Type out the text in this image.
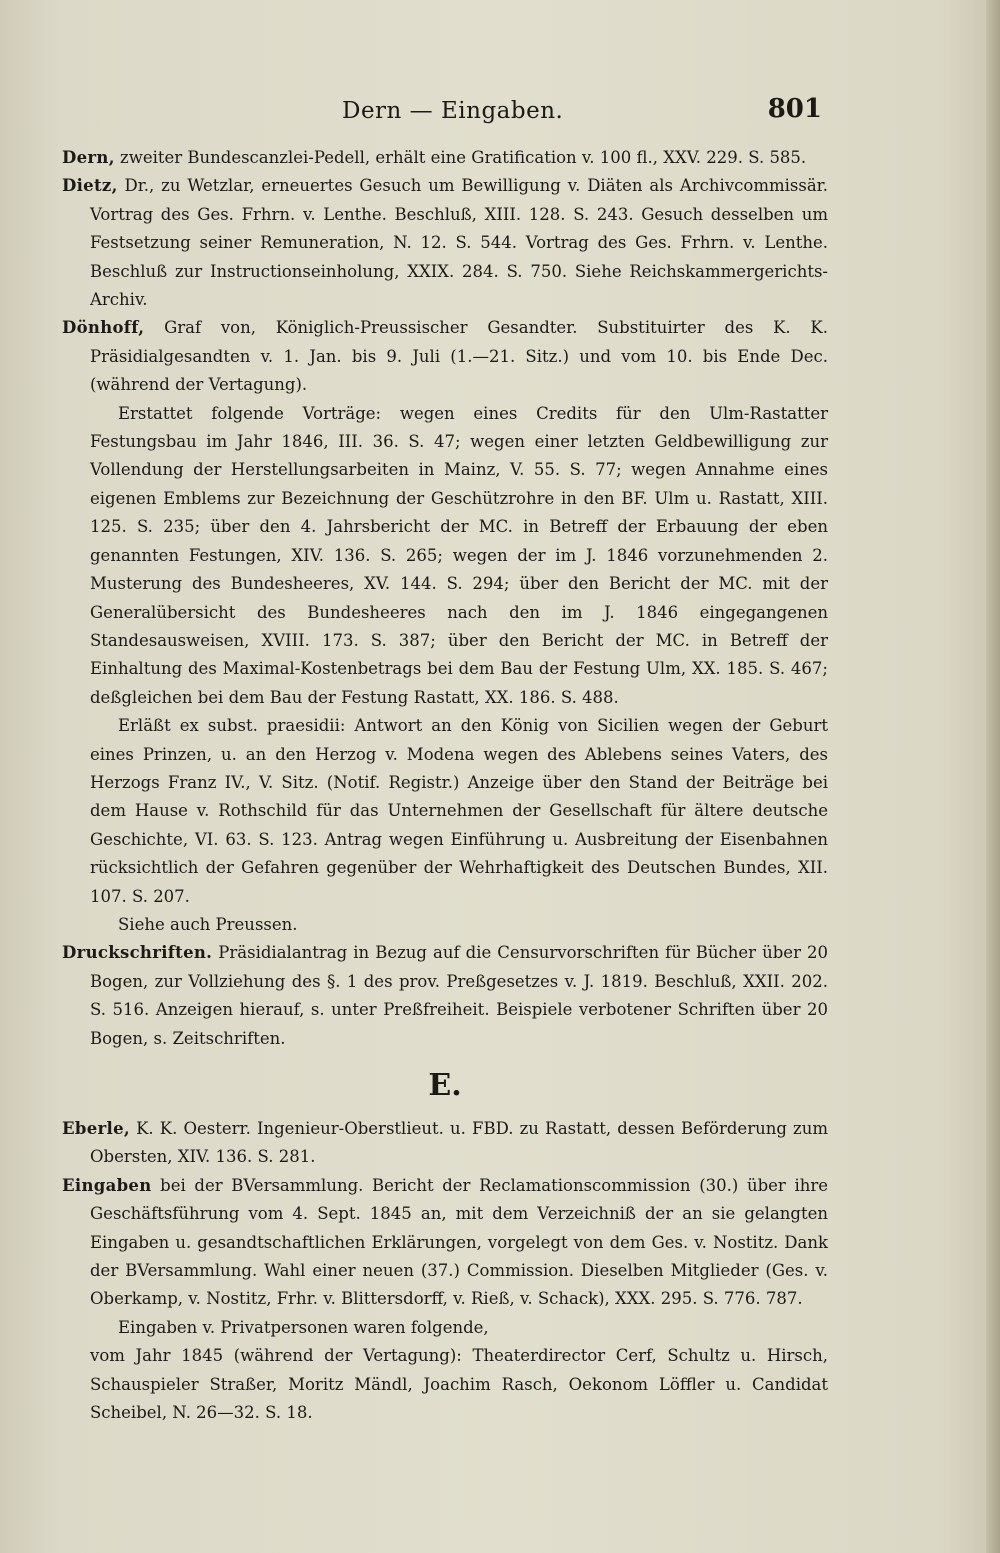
Dern — Eingaben.	801

Dern, zweiter Bundescanzlei-Pedell, erhält eine Gratification v. 100 fl., XXV. 229. S. 585.

Dietz, Dr., zu Wetzlar, erneuertes Gesuch um Bewilligung v. Diäten als Archivcommissär. Vortrag des Ges. Frhrn. v. Lenthe. Beschluß, XIII. 128. S. 243. Gesuch desselben um Festsetzung seiner Remuneration, N. 12. S. 544. Vortrag des Ges. Frhrn. v. Lenthe. Beschluß zur Instructionseinholung, XXIX. 284. S. 750. Siehe Reichskammergerichts-Archiv.

Dönhoff, Graf von, Königlich-Preussischer Gesandter. Substituirter des K. K. Präsidialgesandten v. 1. Jan. bis 9. Juli (1.—21. Sitz.) und vom 10. bis Ende Dec. (während der Vertagung).

Erstattet folgende Vorträge: wegen eines Credits für den Ulm-Rastatter Festungsbau im Jahr 1846, III. 36. S. 47; wegen einer letzten Geldbewilligung zur Vollendung der Herstellungsarbeiten in Mainz, V. 55. S. 77; wegen Annahme eines eigenen Emblems zur Bezeichnung der Geschützrohre in den BF. Ulm u. Rastatt, XIII. 125. S. 235; über den 4. Jahrsbericht der MC. in Betreff der Erbauung der eben genannten Festungen, XIV. 136. S. 265; wegen der im J. 1846 vorzunehmenden 2. Musterung des Bundesheeres, XV. 144. S. 294; über den Bericht der MC. mit der Generalübersicht des Bundesheeres nach den im J. 1846 eingegangenen Standesausweisen, XVIII. 173. S. 387; über den Bericht der MC. in Betreff der Einhaltung des Maximal-Kostenbetrags bei dem Bau der Festung Ulm, XX. 185. S. 467; deßgleichen bei dem Bau der Festung Rastatt, XX. 186. S. 488.

Erläßt ex subst. praesidii: Antwort an den König von Sicilien wegen der Geburt eines Prinzen, u. an den Herzog v. Modena wegen des Ablebens seines Vaters, des Herzogs Franz IV., V. Sitz. (Notif. Registr.) Anzeige über den Stand der Beiträge bei dem Hause v. Rothschild für das Unternehmen der Gesellschaft für ältere deutsche Geschichte, VI. 63. S. 123. Antrag wegen Einführung u. Ausbreitung der Eisenbahnen rücksichtlich der Gefahren gegenüber der Wehrhaftigkeit des Deutschen Bundes, XII. 107. S. 207.

Siehe auch Preussen.

Druckschriften. Präsidialantrag in Bezug auf die Censurvorschriften für Bücher über 20 Bogen, zur Vollziehung des §. 1 des prov. Preßgesetzes v. J. 1819. Beschluß, XXII. 202. S. 516. Anzeigen hierauf, s. unter Preßfreiheit. Beispiele verbotener Schriften über 20 Bogen, s. Zeitschriften.

E.

Eberle, K. K. Oesterr. Ingenieur-Oberstlieut. u. FBD. zu Rastatt, dessen Beförderung zum Obersten, XIV. 136. S. 281.

Eingaben bei der BVersammlung. Bericht der Reclamationscommission (30.) über ihre Geschäftsführung vom 4. Sept. 1845 an, mit dem Verzeichniß der an sie gelangten Eingaben u. gesandtschaftlichen Erklärungen, vorgelegt von dem Ges. v. Nostitz. Dank der BVersammlung. Wahl einer neuen (37.) Commission. Dieselben Mitglieder (Ges. v. Oberkamp, v. Nostitz, Frhr. v. Blittersdorff, v. Rieß, v. Schack), XXX. 295. S. 776. 787.

Eingaben v. Privatpersonen waren folgende,

vom Jahr 1845 (während der Vertagung): Theaterdirector Cerf, Schultz u. Hirsch, Schauspieler Straßer, Moritz Mändl, Joachim Rasch, Oekonom Löffler u. Candidat Scheibel, N. 26—32. S. 18.
